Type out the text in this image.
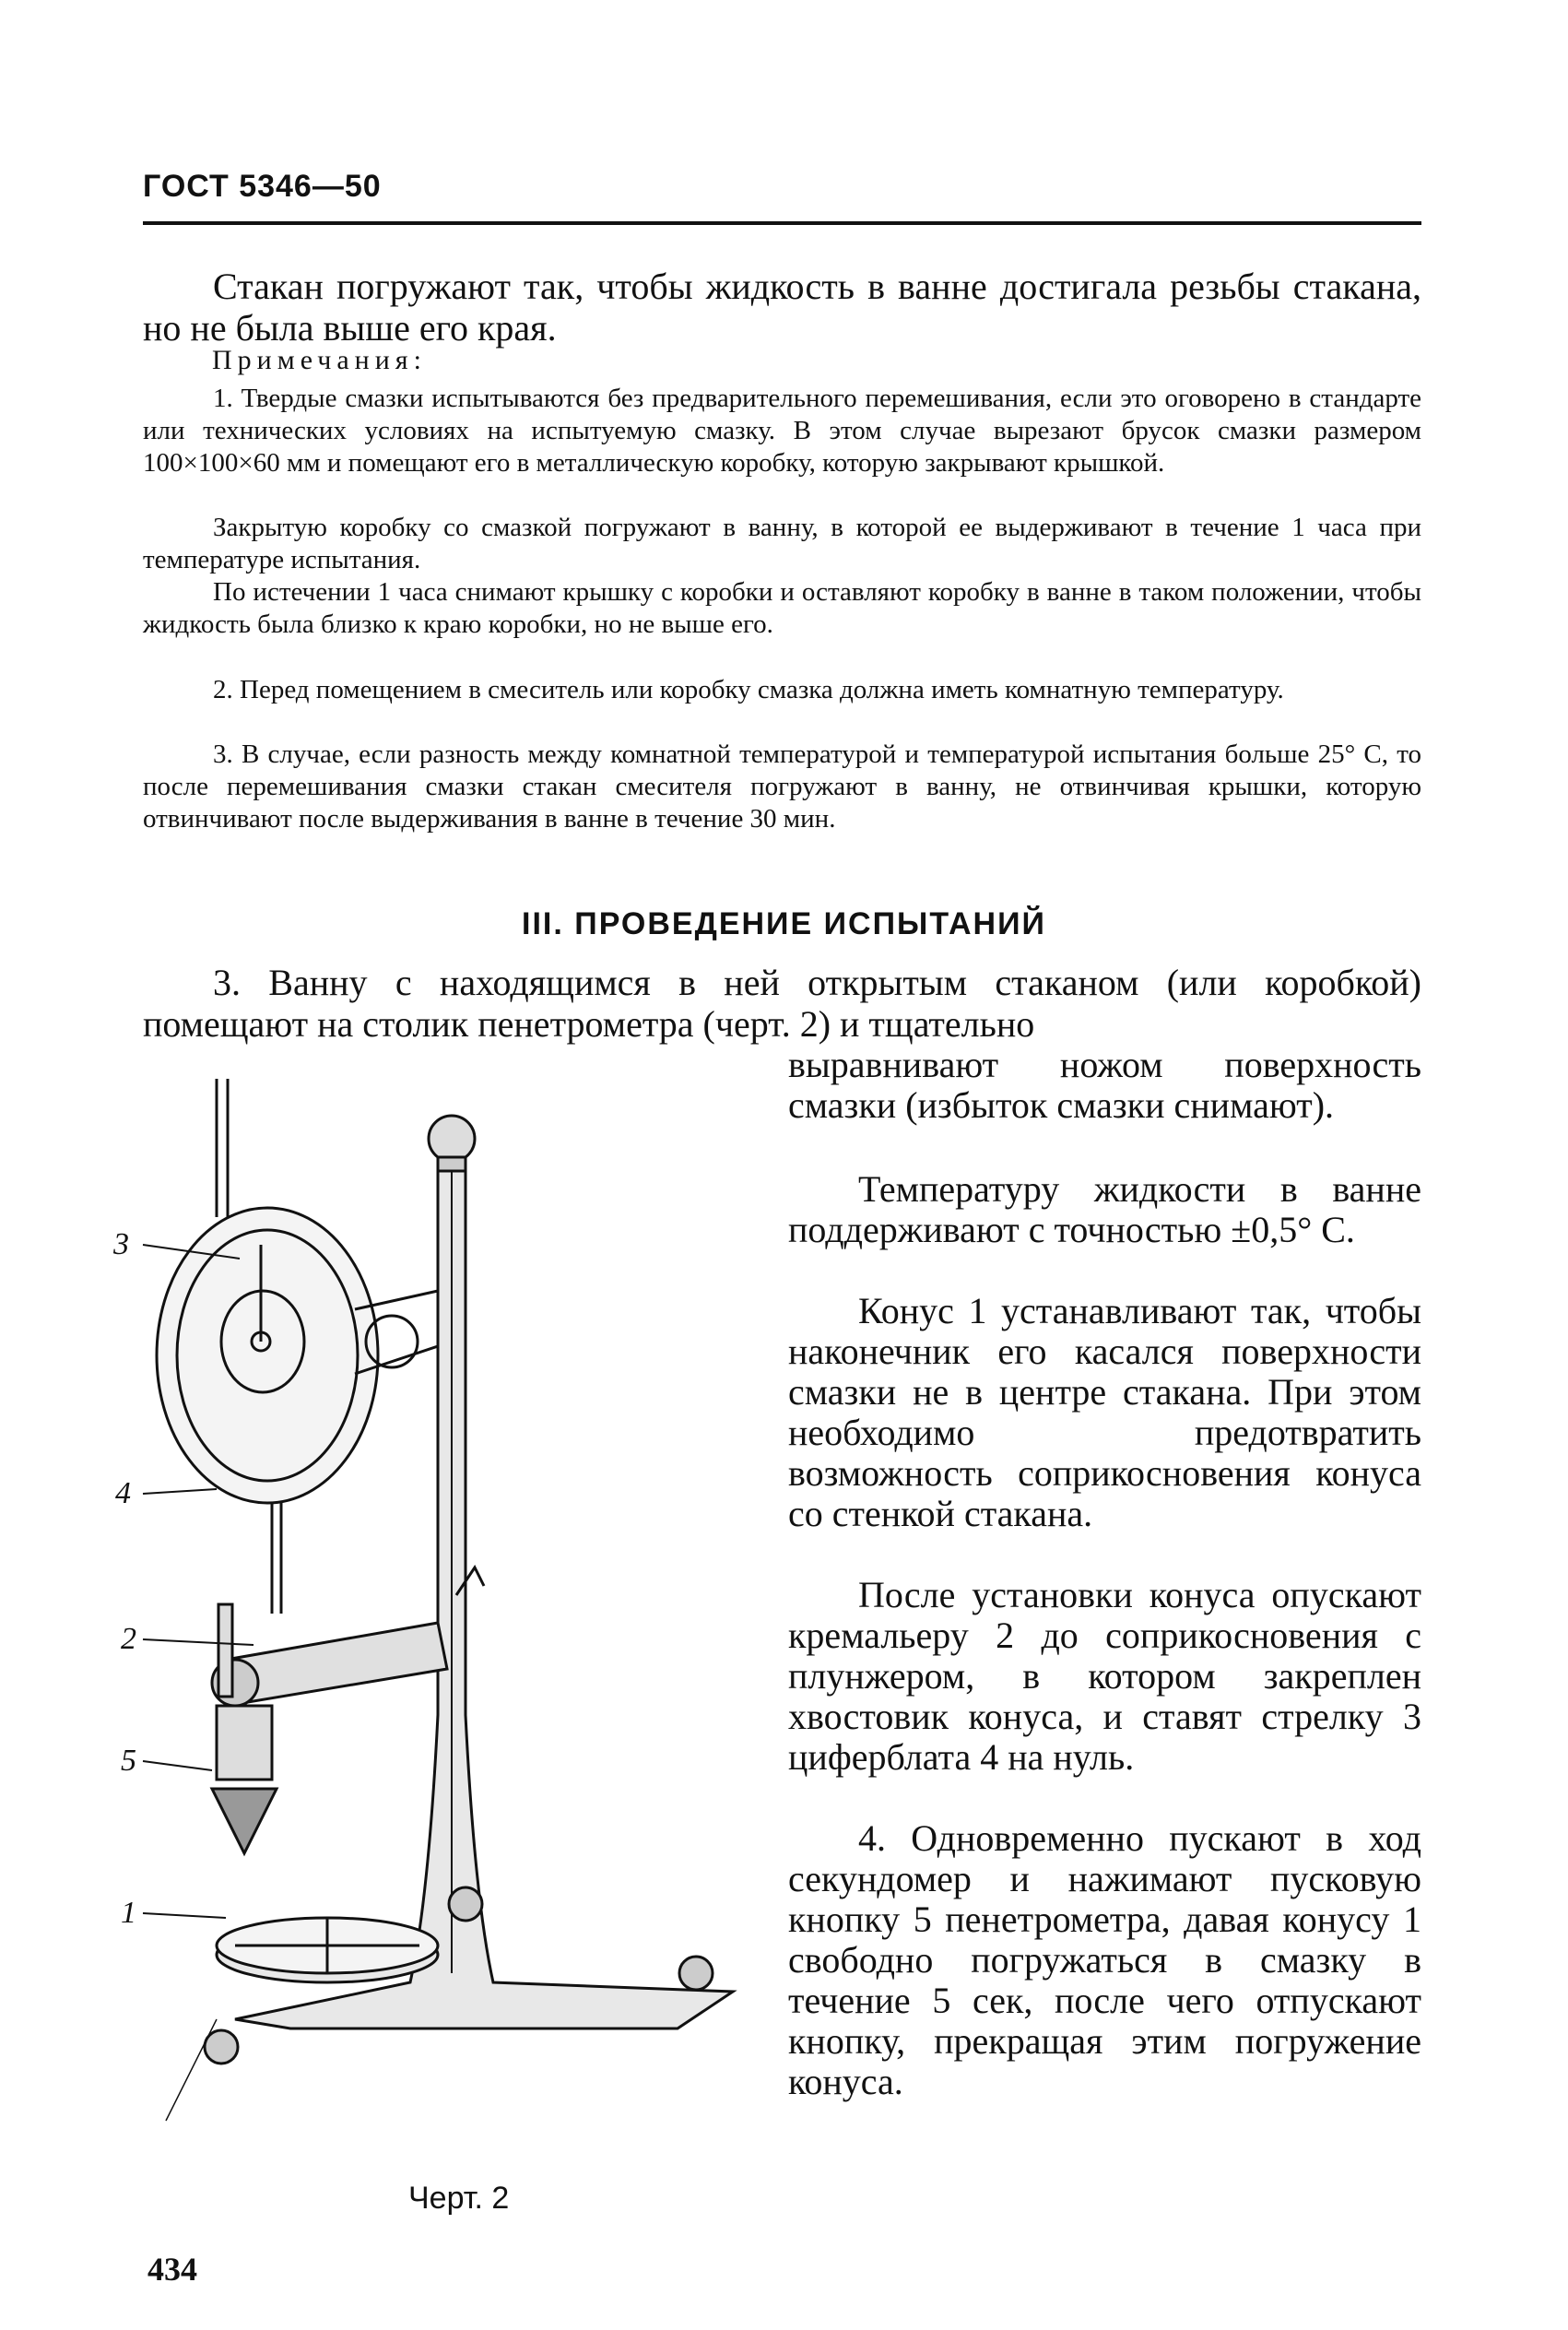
ГОСТ 5346—50

Стакан погружают так, чтобы жидкость в ванне достигала резьбы стакана, но не была выше его края.

Примечания:

1. Твердые смазки испытываются без предварительного перемешивания, если это оговорено в стандарте или технических условиях на испытуемую смазку. В этом случае вырезают брусок смазки размером 100×100×60 мм и помещают его в металлическую коробку, которую закрывают крышкой.

Закрытую коробку со смазкой погружают в ванну, в которой ее выдерживают в течение 1 часа при температуре испытания.

По истечении 1 часа снимают крышку с коробки и оставляют коробку в ванне в таком положении, чтобы жидкость была близко к краю коробки, но не выше его.

2. Перед помещением в смеситель или коробку смазка должна иметь комнатную температуру.

3. В случае, если разность между комнатной температурой и температурой испытания больше 25° С, то после перемешивания смазки стакан смесителя погружают в ванну, не отвинчивая крышки, которую отвинчивают после выдерживания в ванне в течение 30 мин.

III. ПРОВЕДЕНИЕ ИСПЫТАНИЙ

3. Ванну с находящимся в ней открытым стаканом (или коробкой) помещают на столик пенетрометра (черт. 2) и тщательно

выравнивают ножом поверхность смазки (избыток смазки снимают).

Температуру жидкости в ванне поддерживают с точностью ±0,5° С.

Конус 1 устанавливают так, чтобы наконечник его касался поверхности смазки не в центре стакана. При этом необходимо предотвратить возможность соприкосновения конуса со стенкой стакана.

После установки конуса опускают кремальеру 2 до соприкосновения с плунжером, в котором закреплен хвостовик конуса, и ставят стрелку 3 циферблата 4 на нуль.

4. Одновременно пускают в ход секундомер и нажимают пусковую кнопку 5 пенетрометра, давая конусу 1 свободно погружаться в смазку в течение 5 сек, после чего отпускают кнопку, прекращая этим погружение конуса.

3
4
2
5
1
Черт. 2
434
